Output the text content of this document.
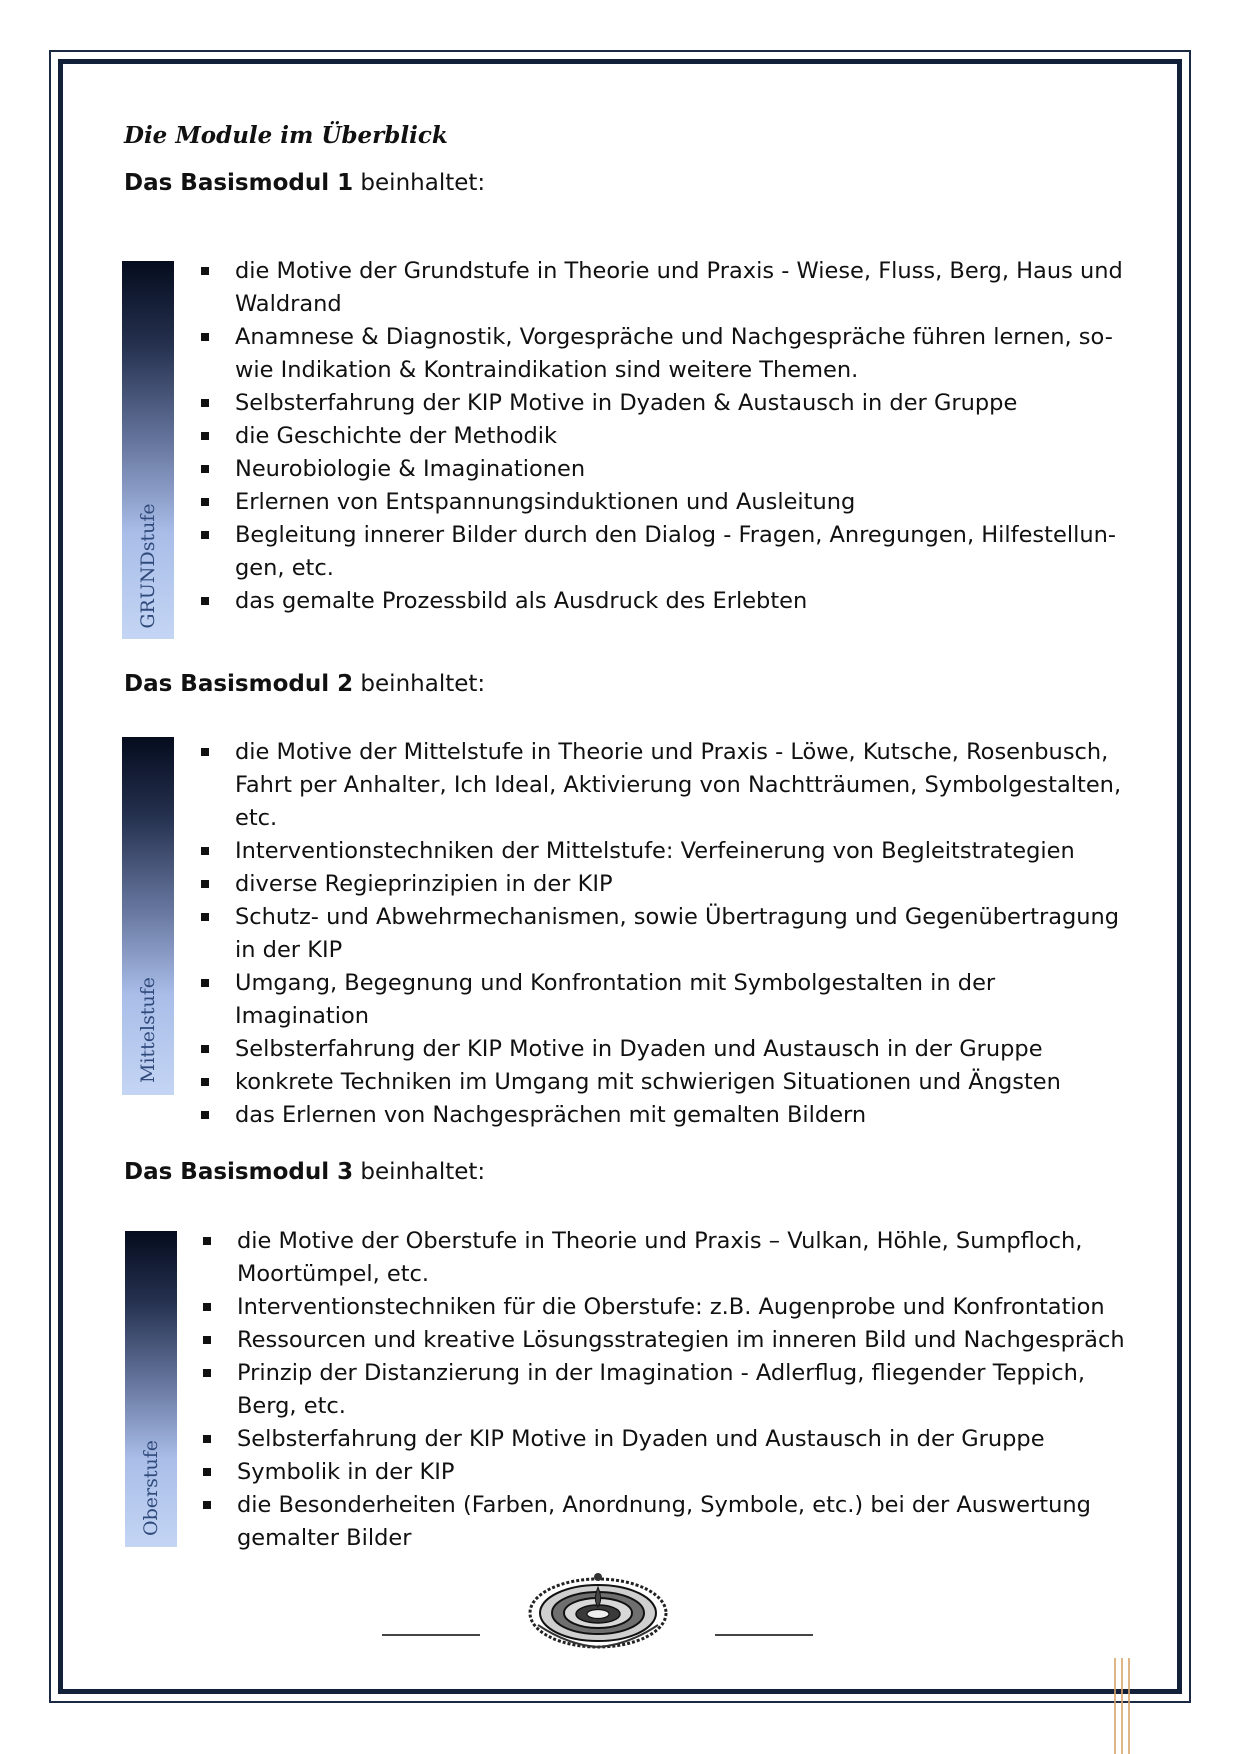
Die Module im Überblick
Das Basismodul 1 beinhaltet:
GRUNDstufe
die Motive der Grundstufe in Theorie und Praxis - Wiese, Fluss, Berg, Haus und Waldrand
Anamnese & Diagnostik, Vorgespräche und Nachgespräche führen lernen, so-wie Indikation & Kontraindikation sind weitere Themen.
Selbsterfahrung der KIP Motive in Dyaden & Austausch in der Gruppe
die Geschichte der Methodik
Neurobiologie & Imaginationen
Erlernen von Entspannungsinduktionen und Ausleitung
Begleitung innerer Bilder durch den Dialog - Fragen, Anregungen, Hilfestellun-gen, etc.
das gemalte Prozessbild als Ausdruck des Erlebten
Das Basismodul 2 beinhaltet:
Mittelstufe
die Motive der Mittelstufe in Theorie und Praxis - Löwe, Kutsche, Rosenbusch, Fahrt per Anhalter, Ich Ideal, Aktivierung von Nachtträumen, Symbolgestalten, etc.
Interventionstechniken der Mittelstufe: Verfeinerung von Begleitstrategien
diverse Regieprinzipien in der KIP
Schutz- und Abwehrmechanismen, sowie Übertragung und Gegenübertragung in der KIP
Umgang, Begegnung und Konfrontation mit Symbolgestalten in der Imagination
Selbsterfahrung der KIP Motive in Dyaden und Austausch in der Gruppe
konkrete Techniken im Umgang mit schwierigen Situationen und Ängsten
das Erlernen von Nachgesprächen mit gemalten Bildern
Das Basismodul 3 beinhaltet:
Oberstufe
die Motive der Oberstufe in Theorie und Praxis – Vulkan, Höhle, Sumpfloch, Moortümpel, etc.
Interventionstechniken für die Oberstufe: z.B. Augenprobe und Konfrontation
Ressourcen und kreative Lösungsstrategien im inneren Bild und Nachgespräch
Prinzip der Distanzierung in der Imagination - Adlerflug, fliegender Teppich, Berg, etc.
Selbsterfahrung der KIP Motive in Dyaden und Austausch in der Gruppe
Symbolik in der KIP
die Besonderheiten (Farben, Anordnung, Symbole, etc.) bei der Auswertung gemalter Bilder
